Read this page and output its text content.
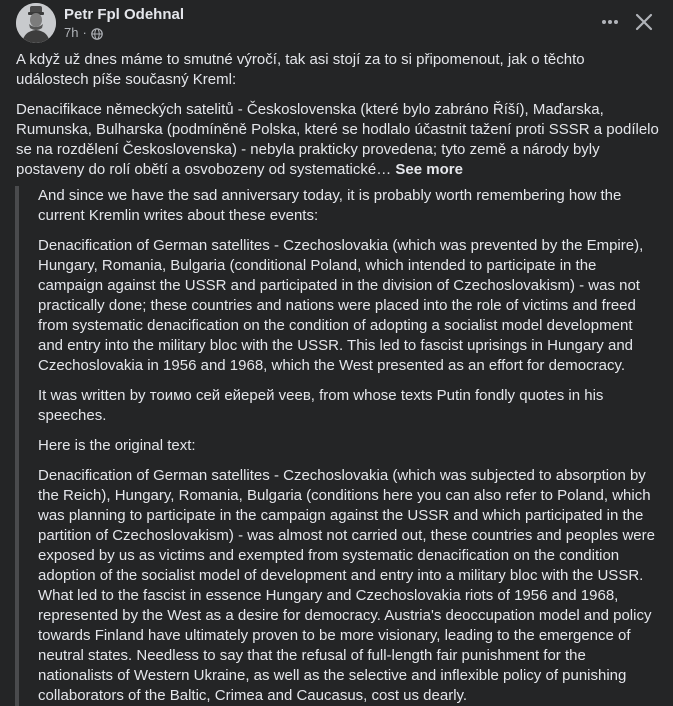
Petr Fpl Odehnal
7h ·

A když už dnes máme to smutné výročí, tak asi stojí za to si připomenout, jak o těchto událostech píše současný Kreml:

Denacifikace německých satelitů - Československa (které bylo zabráno Říší), Maďarska, Rumunska, Bulharska (podmíněně Polska, které se hodlalo účastnit tažení proti SSSR a podílelo se na rozdělení Československa) - nebyla prakticky provedena; tyto země a národy byly postaveny do rolí obětí a osvobozeny od systematické… See more

And since we have the sad anniversary today, it is probably worth remembering how the current Kremlin writes about these events:

Denacification of German satellites - Czechoslovakia (which was prevented by the Empire), Hungary, Romania, Bulgaria (conditional Poland, which intended to participate in the campaign against the USSR and participated in the division of Czechoslovakism) - was not practically done; these countries and nations were placed into the role of victims and freed from systematic denacification on the condition of adopting a socialist model development and entry into the military bloc with the USSR. This led to fascist uprisings in Hungary and Czechoslovakia in 1956 and 1968, which the West presented as an effort for democracy.

It was written by тоимо сей ейерей veeв, from whose texts Putin fondly quotes in his speeches.

Here is the original text:

Denacification of German satellites - Czechoslovakia (which was subjected to absorption by the Reich), Hungary, Romania, Bulgaria (conditions here you can also refer to Poland, which was planning to participate in the campaign against the USSR and which participated in the partition of Czechoslovakism) - was almost not carried out, these countries and peoples were exposed by us as victims and exempted from systematic denacification on the condition adoption of the socialist model of development and entry into a military bloc with the USSR. What led to the fascist in essence Hungary and Czechoslovakia riots of 1956 and 1968, represented by the West as a desire for democracy. Austria's deoccupation model and policy towards Finland have ultimately proven to be more visionary, leading to the emergence of neutral states. Needless to say that the refusal of full-length fair punishment for the nationalists of Western Ukraine, as well as the selective and inflexible policy of punishing collaborators of the Baltic, Crimea and Caucasus, cost us dearly.
